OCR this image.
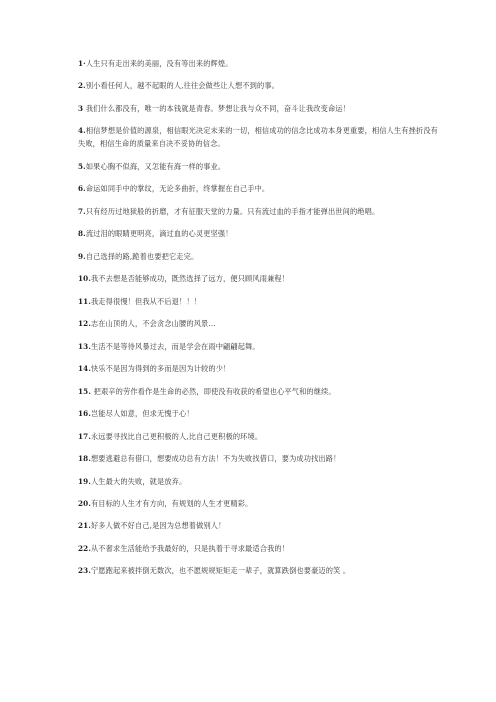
1·人生只有走出来的美丽，没有等出来的辉煌。
2.别小看任何人，越不起眼的人,往往会做些让人想不到的事。
3 我们什么都没有，唯一的本钱就是青春。梦想让我与众不同，奋斗让我改变命运！
4.相信梦想是价值的源泉，相信眼光决定未来的一切，相信成功的信念比成功本身更重要，相信人生有挫折没有失败，相信生命的质量来自决不妥协的信念。
5.如果心胸不似海，又怎能有海一样的事业。
6.命运如同手中的掌纹，无论多曲折，终掌握在自己手中。
7.只有经历过地狱般的折磨，才有征服天堂的力量。只有流过血的手指才能弹出世间的绝唱。
8.流过泪的眼睛更明亮，滴过血的心灵更坚强！
9.自己选择的路,跪着也要把它走完。
10.我不去想是否能够成功，既然选择了远方，便只顾风雨兼程！
11.我走得很慢！但我从不后退！！！
12.志在山顶的人，不会贪念山腰的风景…
13.生活不是等待风暴过去，而是学会在雨中翩翩起舞。
14.快乐不是因为得到的多而是因为计较的少！
15. 把艰辛的劳作看作是生命的必然，即使没有收获的希望也心平气和的继续。
16.岂能尽人如意，但求无愧于心！
17.永远要寻找比自己更积极的人,比自己更积极的环境。
18.想要逃避总有借口，想要成功总有方法！不为失败找借口，要为成功找出路！
19.人生最大的失败，就是放弃。
20.有目标的人生才有方向，有规划的人生才更精彩。
21.好多人做不好自己,是因为总想着做别人！
22.从不奢求生活能给予我最好的，只是执着于寻求最适合我的！
23.宁愿跑起来被拌倒无数次，也不愿规规矩矩走一辈子，就算跌倒也要豪迈的笑 。
